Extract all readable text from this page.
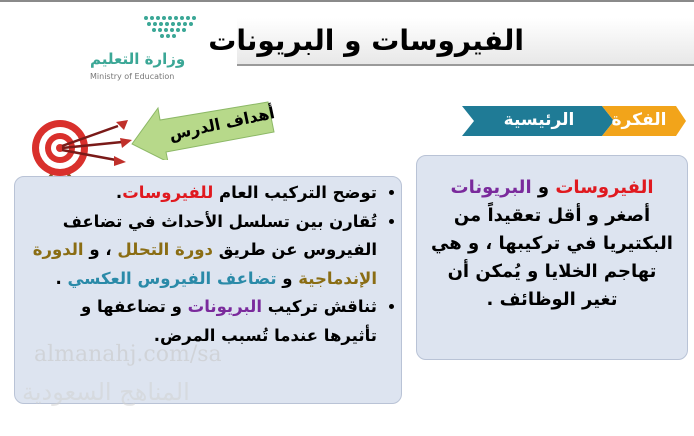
الفيروسات و البريونات
وزارة التعليم
Ministry of Education
الرئيسية	الفكرة
أهداف الدرس
الفيروسات و البريونات
أصغر و أقل تعقيداً من البكتيريا في تركيبها ، و هي تهاجم الخلايا و يُمكن أن تغير الوظائف .
• توضح التركيب العام للفيروسات.
• تُقارن بين تسلسل الأحداث في تضاعف الفيروس عن طريق دورة التحلل ، و الدورة الإندماجية و تضاعف الفيروس العكسي .
• ثناقش تركيب البريونات و تضاعفها و تأثيرها عندما تُسبب المرض.
almanahj.com/sa
المناهج السعودية
